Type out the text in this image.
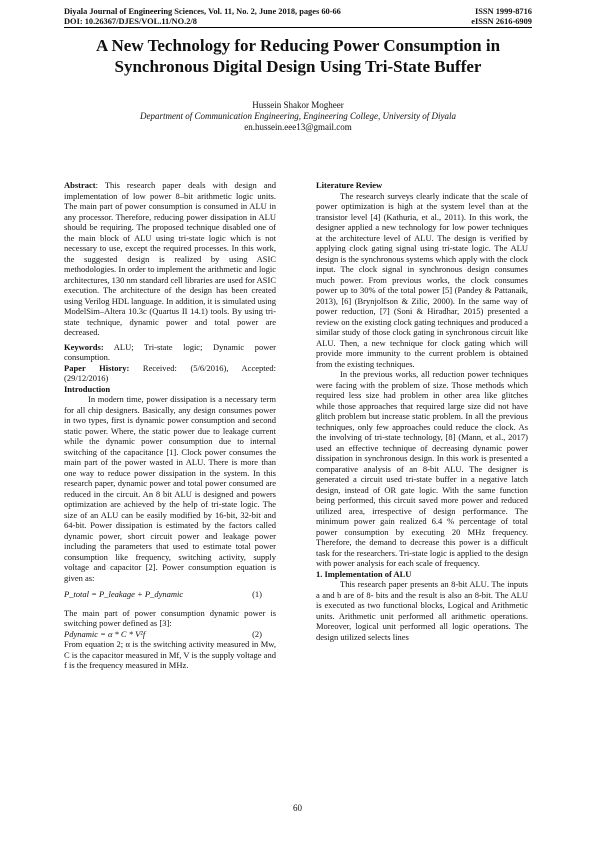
Diyala Journal of Engineering Sciences, Vol. 11, No. 2, June 2018, pages 60-66	ISSN 1999-8716
DOI: 10.26367/DJES/VOL.11/NO.2/8	eISSN 2616-6909
A New Technology for Reducing Power Consumption in Synchronous Digital Design Using Tri-State Buffer
Hussein Shakor Mogheer
Department of Communication Engineering, Engineering College, University of Diyala
en.hussein.eee13@gmail.com

Abstract: This research paper deals with design and implementation of low power 8–bit arithmetic logic units. The main part of power consumption is consumed in ALU in any processor. Therefore, reducing power dissipation in ALU should be requiring. The proposed technique disabled one of the main block of ALU using tri-state logic which is not necessary to use, except the required processes. In this work, the suggested design is realized by using ASIC methodologies. In order to implement the arithmetic and logic architectures, 130 nm standard cell libraries are used for ASIC execution. The architecture of the design has been created using Verilog HDL language. In addition, it is simulated using ModelSim–Altera 10.3c (Quartus II 14.1) tools. By using tri-state technique, dynamic power and total power are decreased.

Keywords: ALU; Tri-state logic; Dynamic power consumption.

Paper History: Received: (5/6/2016), Accepted: (29/12/2016)

Introduction

In modern time, power dissipation is a necessary term for all chip designers. Basically, any design consumes power in two types, first is dynamic power consumption and second static power. Where, the static power due to leakage current while the dynamic power consumption due to internal switching of the capacitance [1]. Clock power consumes the main part of the power wasted in ALU. There is more than one way to reduce power dissipation in the system. In this research paper, dynamic power and total power consumed are reduced in the circuit. An 8 bit ALU is designed and powers optimization are achieved by the help of tri-state logic. The size of an ALU can be easily modified by 16-bit, 32-bit and 64-bit. Power dissipation is estimated by the factors called dynamic power, short circuit power and leakage power including the parameters that used to estimate total power consumption like frequency, switching activity, supply voltage and capacitor [2]. Power consumption equation is given as:

P_total = P_leakage + P_dynamic	(1)

The main part of power consumption dynamic power is switching power defined as [3]:

Pdynamic = α * C * V²f	(2)

From equation 2; α is the switching activity measured in Mw, C is the capacitor measured in Mf, V is the supply voltage and f is the frequency measured in MHz.

Literature Review

The research surveys clearly indicate that the scale of power optimization is high at the system level than at the transistor level [4] (Kathuria, et al., 2011). In this work, the designer applied a new technology for low power techniques at the architecture level of ALU. The design is verified by applying clock gating signal using tri-state logic. The ALU design is the synchronous systems which apply with the clock input. The clock signal in synchronous design consumes much power. From previous works, the clock consumes power up to 30% of the total power [5] (Pandey & Pattanaik, 2013), [6] (Brynjolfson & Zilic, 2000). In the same way of power reduction, [7] (Soni & Hiradhar, 2015) presented a review on the existing clock gating techniques and produced a similar study of those clock gating in synchronous circuit like ALU. Then, a new technique for clock gating which will provide more immunity to the current problem is obtained from the existing techniques.

In the previous works, all reduction power techniques were facing with the problem of size. Those methods which required less size had problem in other area like glitches while those approaches that required large size did not have glitch problem but increase static problem. In all the previous techniques, only few approaches could reduce the clock. As the involving of tri-state technology, [8] (Mann, et al., 2017) used an effective technique of decreasing dynamic power dissipation in synchronous design. In this work is presented a comparative analysis of an 8-bit ALU. The designer is generated a circuit used tri-state buffer in a negative latch design, instead of OR gate logic. With the same function being performed, this circuit saved more power and reduced utilized area, irrespective of design performance. The minimum power gain realized 6.4 % percentage of total power consumption by executing 20 MHz frequency. Therefore, the demand to decrease this power is a difficult task for the researchers. Tri-state logic is applied to the design with power analysis for each scale of frequency.

1. Implementation of ALU

This research paper presents an 8-bit ALU. The inputs a and b are of 8- bits and the result is also an 8-bit. The ALU is executed as two functional blocks, Logical and Arithmetic units. Arithmetic unit performed all arithmetic operations. Moreover, logical unit performed all logic operations. The design utilized selects lines

60
